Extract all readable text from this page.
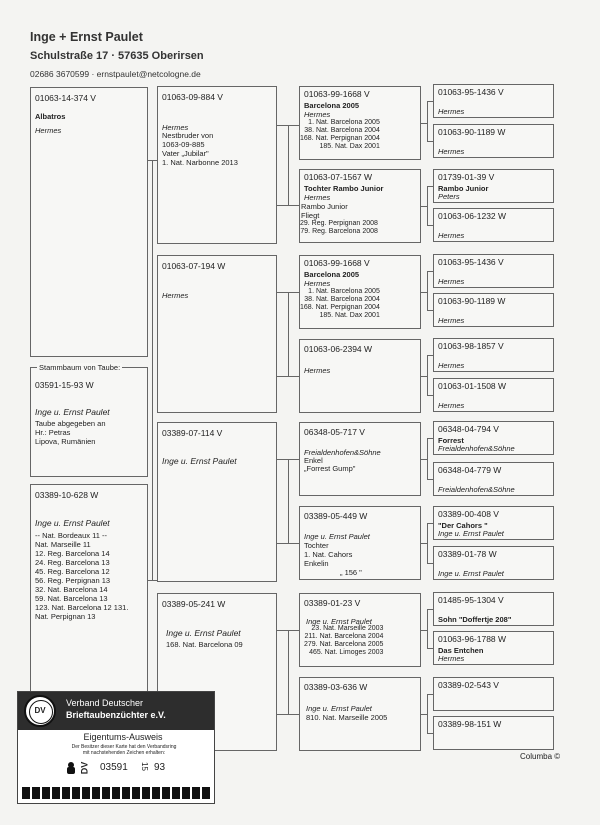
Inge + Ernst Paulet
Schulstraße 17 · 57635 Oberirsen
02686 3670599 · ernstpaulet@netcologne.de
01063-14-374 V
Albatros
Hermes
Stammbaum von Taube:
03591-15-93 W
Inge u. Ernst Paulet
Taube abgegeben an
Hr.: Petras
Lipova, Rumänien
03389-10-628 W
Inge u. Ernst Paulet
-- Nat. Bordeaux 11 --
Nat. Marseille 11
12. Reg. Barcelona 14
24. Reg. Barcelona 13
45. Reg. Barcelona 12
56. Reg. Perpignan 13
32. Nat. Barcelona 14
59. Nat. Barcelona 13
123. Nat. Barcelona 12 131.
Nat. Perpignan 13
01063-09-884 V
Hermes
Nestbruder von
1063-09-885
Vater „Jubilar"
1. Nat. Narbonne 2013
01063-07-194 W
Hermes
03389-07-114 V
Inge u. Ernst Paulet
03389-05-241 W
Inge u. Ernst Paulet
168. Nat. Barcelona 09
01063-99-1668 V
Barcelona 2005
Hermes
1. Nat. Barcelona	2005
38. Nat. Barcelona	2004
168. Nat. Perpignan	2004
185. Nat. Dax	2001
01063-07-1567 W
Tochter Rambo Junior
Hermes
Rambo Junior
Fliegt
29. Reg. Perpignan	2008
79. Reg. Barcelona	2008
01063-99-1668 V
Barcelona 2005
Hermes
1. Nat. Barcelona	2005
38. Nat. Barcelona	2004
168. Nat. Perpignan	2004
185. Nat. Dax	2001
01063-06-2394 W
Hermes
06348-05-717 V
Freialdenhofen&Söhne
Enkel
„Forrest Gump"
03389-05-449 W
Inge u. Ernst Paulet
Tochter
1. Nat. Cahors
Enkelin
„ 156 "
03389-01-23 V
Inge u. Ernst Paulet
23. Nat. Marseille	2003
211. Nat. Barcelona	2004
279. Nat. Barcelona	2005
465. Nat. Limoges	2003
03389-03-636 W
Inge u. Ernst Paulet
810. Nat. Marseille 2005
01063-95-1436 V
Hermes
01063-90-1189 W
Hermes
01739-01-39 V
Rambo Junior
Peters
01063-06-1232 W
Hermes
01063-95-1436 V
Hermes
01063-90-1189 W
Hermes
01063-98-1857 V
Hermes
01063-01-1508 W
Hermes
06348-04-794 V
Forrest
Freialdenhofen&Söhne
06348-04-779 W
Freialdenhofen&Söhne
03389-00-408 V
"Der Cahors "
Inge u. Ernst Paulet
03389-01-78 W
Inge u. Ernst Paulet
01485-95-1304 V
Sohn "Doffertje 208"
01063-96-1788 W
Das Entchen
Hermes
03389-02-543 V
03389-98-151 W
Columba ©
DV
Verband Deutscher
Brieftaubenzüchter e.V.
Eigentums-Ausweis
Der Besitzer dieser Karte hat den Verbandsring
mit nachstehenden Zeichen erhalten:
DV 03591 15 93
